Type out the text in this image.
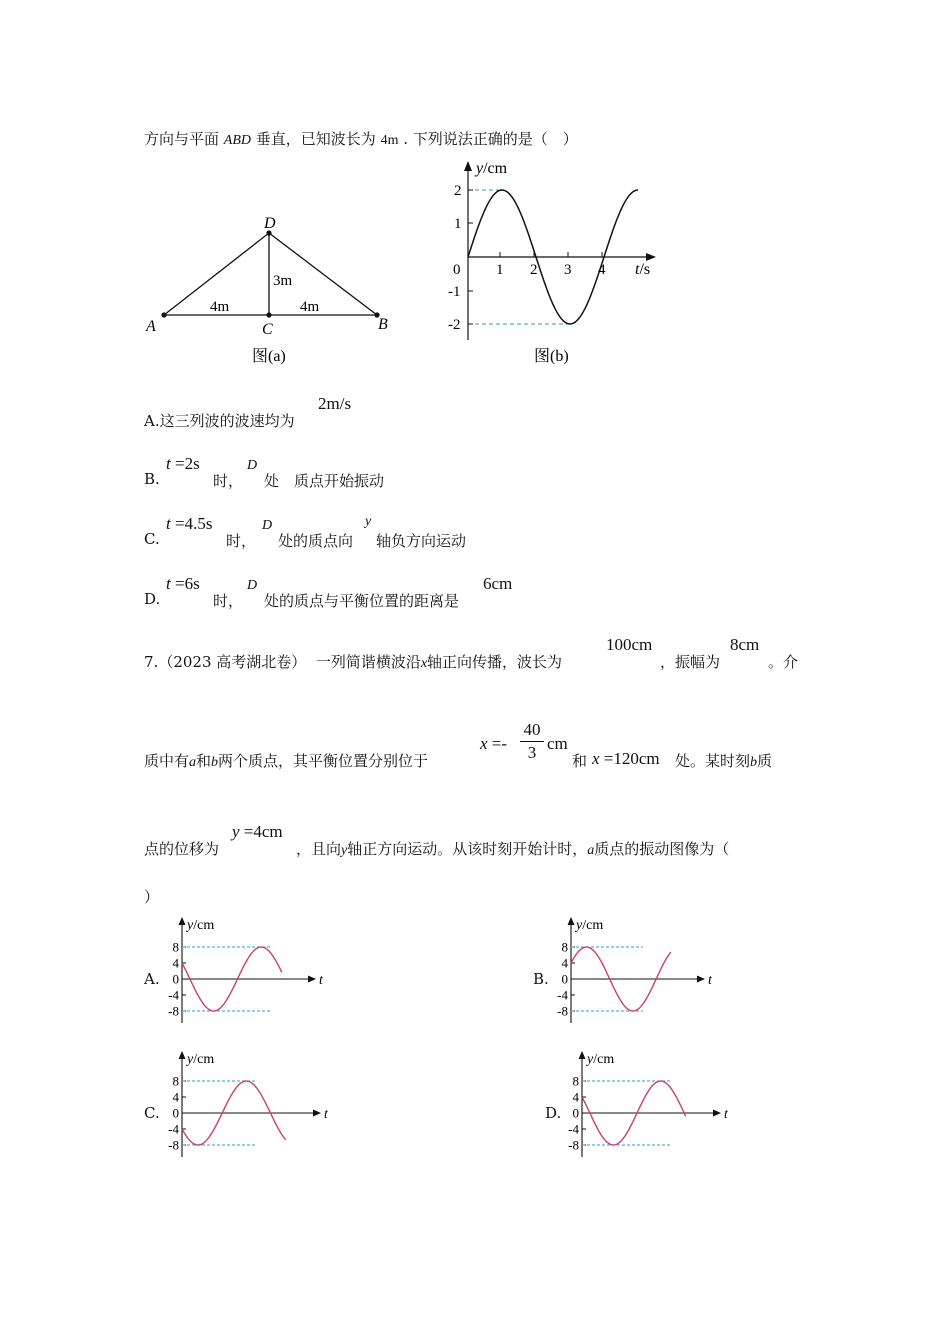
方向与平面 ABD 垂直，已知波长为 4m . 下列说法正确的是（　）
D
A	B
C
4m	4m
3m
图(a)
y/cm
2
1
-1
-2
0 1 2 3 4 t/s
图(b)
A.这三列波的波速均为
2m/s
B.
t =2s
时，
D
处　质点开始振动
C.
t =4.5s
时，
D
处的质点向
y
轴负方向运动
D.
t =6s
时，
D
处的质点与平衡位置的距离是
6cm
7.（2023 高考湖北卷） 一列简谐横波沿x轴正向传播，波长为
100cm
，振幅为
8cm
。介
质中有a和b两个质点，其平衡位置分别位于
x =-
40
3 cm
和 x =120cm 处。某时刻b质
点的位移为
y =4cm
，且向y轴正方向运动。从该时刻开始计时，a质点的振动图像为（
）
A.
y/cm
t
8
4
0
-4
-8
B.
y/cm
t
8
4
0
-4
-8
C.
y/cm
t
8
4
0
-4
-8
D.
y/cm
t
8
4
0
-4
-8
